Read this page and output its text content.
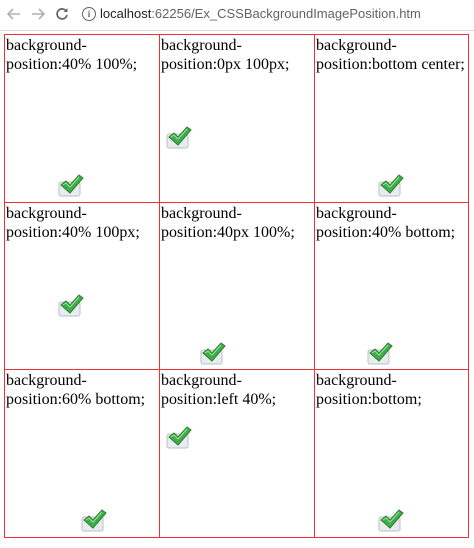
i localhost:62256/Ex_CSSBackgroundImagePosition.htm
background-position:40% 100%;
background-position:0px 100px;
background-position:bottom center;
background-position:40% 100px;
background-position:40px 100%;
background-position:40% bottom;
background-position:60% bottom;
background-position:left 40%;
background-position:bottom;
